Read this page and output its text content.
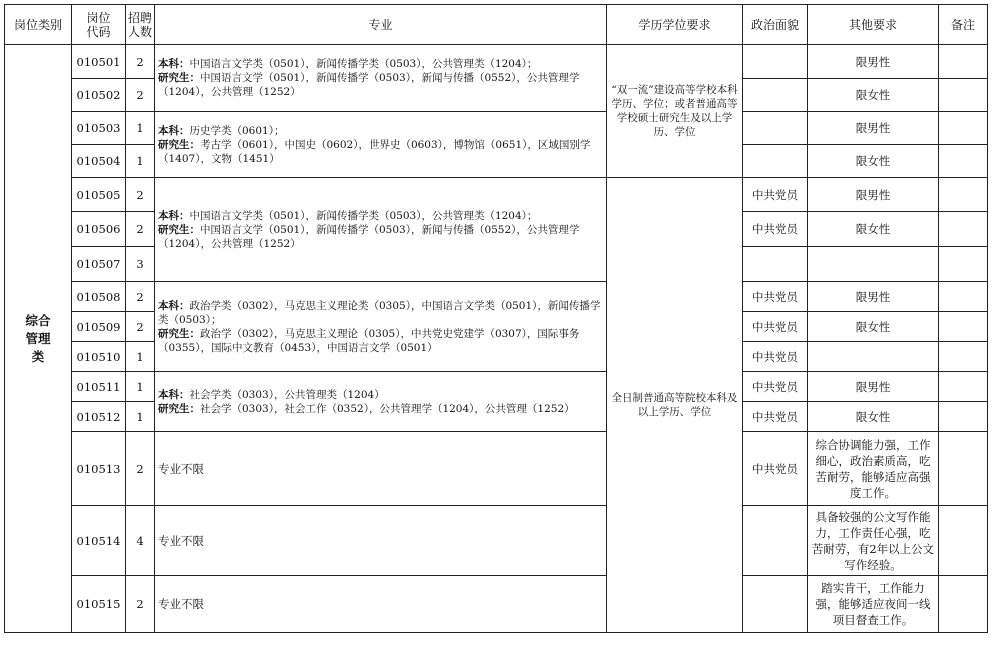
岗位类别	岗位代码	招聘人数	专业	学历学位要求	政治面貌	其他要求	备注

综合管理类	010501	2	本科：中国语言文学类（0501），新闻传播学类（0503），公共管理类（1204）；
研究生：中国语言文学（0501），新闻传播学（0503），新闻与传播（0552），公共管理学（1204），公共管理（1252）	“双一流”建设高等学校本科学历、学位；或者普通高等学校硕士研究生及以上学历、学位		限男性	
	010502	2				限女性	
	010503	1	本科：历史学类（0601）；
研究生：考古学（0601），中国史（0602），世界史（0603），博物馆（0651），区域国别学（1407），文物（1451）			限男性	
	010504	1				限女性	
	010505	2	本科：中国语言文学类（0501），新闻传播学类（0503），公共管理类（1204）；
研究生：中国语言文学（0501），新闻传播学（0503），新闻与传播（0552），公共管理学（1204），公共管理（1252）	全日制普通高等院校本科及以上学历、学位	中共党员	限男性	
	010506	2			中共党员	限女性	
	010507	3					
	010508	2	本科：政治学类（0302），马克思主义理论类（0305），中国语言文学类（0501），新闻传播学类（0503）；
研究生：政治学（0302），马克思主义理论（0305），中共党史党建学（0307），国际事务（0355），国际中文教育（0453），中国语言文学（0501）		中共党员	限男性	
	010509	2			中共党员	限女性	
	010510	1			中共党员		
	010511	1	本科：社会学类（0303），公共管理类（1204）
研究生：社会学（0303），社会工作（0352），公共管理学（1204），公共管理（1252）		中共党员	限男性	
	010512	1			中共党员	限女性	
	010513	2	专业不限		中共党员	综合协调能力强，工作细心，政治素质高，吃苦耐劳，能够适应高强度工作。	
	010514	4	专业不限			具备较强的公文写作能力，工作责任心强，吃苦耐劳，有2年以上公文写作经验。	
	010515	2	专业不限			踏实肯干，工作能力强，能够适应夜间一线项目督查工作。	
